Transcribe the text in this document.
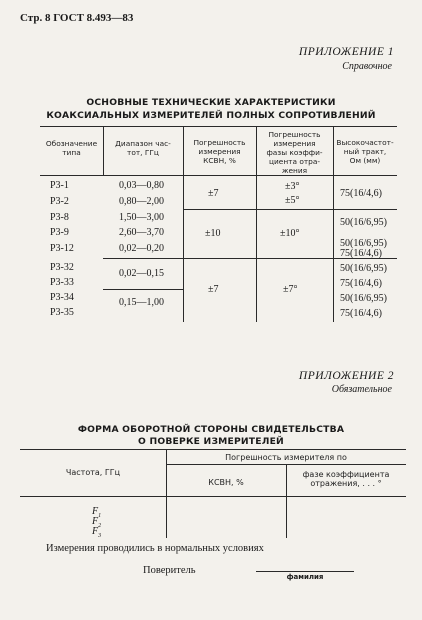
Стр. 8 ГОСТ 8.493—83
ПРИЛОЖЕНИЕ 1
Справочное
ОСНОВНЫЕ ТЕХНИЧЕСКИЕ ХАРАКТЕРИСТИКИ
КОАКСИАЛЬНЫХ ИЗМЕРИТЕЛЕЙ ПОЛНЫХ СОПРОТИВЛЕНИЙ
Обозначение
типа
Диапазон час-
тот, ГГц
Погрешность
измерения
КСВН, %
Погрешность
измерения
фазы коэффи-
циента отра-
жения
Высокочастот-
ный тракт,
Ом (мм)
Р3-1
Р3-2
Р3-8
Р3-9
Р3-12
Р3-32
Р3-33
Р3-34
Р3-35
0,03—0,80
0,80—2,00
1,50—3,00
2,60—3,70
0,02—0,20
0,02—0,15
0,15—1,00
±7
±10
±7
±3°
±5°
±10°
±7°
75(16/4,6)
50(16/6,95)
50(16/6,95)
75(16/4,6)
50(16/6,95)
75(16/4,6)
50(16/6,95)
75(16/4,6)
ПРИЛОЖЕНИЕ 2
Обязательное
ФОРМА ОБОРОТНОЙ СТОРОНЫ СВИДЕТЕЛЬСТВА
О ПОВЕРКЕ ИЗМЕРИТЕЛЕЙ
Частота, ГГц
Погрешность измерителя по
КСВН, %
фазе коэффициента
отражения, . . . °
$F_1$
$F_2$
$F_3$
Измерения проводились в нормальных условиях
Поверитель
фамилия
